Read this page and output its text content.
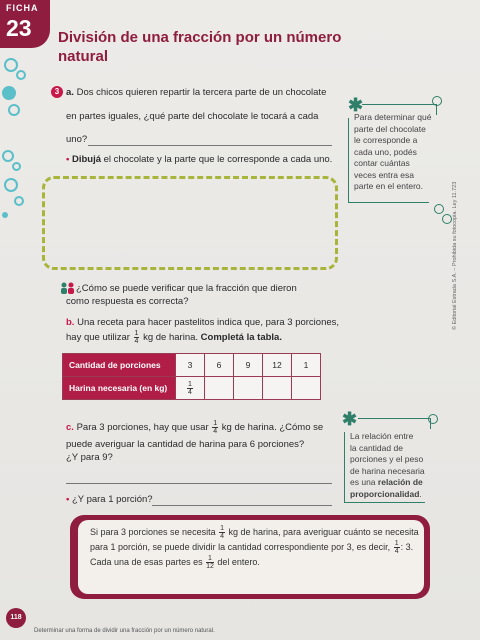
FICHA
23 División de una fracción por un número
natural
3 a. Dos chicos quieren repartir la tercera parte de un chocolate
en partes iguales, ¿qué parte del chocolate le tocará a cada
uno?
• Dibujá el chocolate y la parte que le corresponde a cada uno.
✱
Para determinar qué
parte del chocolate
le corresponde a
cada uno, podés
contar cuántas
veces entra esa
parte en el entero.
¿Cómo se puede verificar que la fracción que dieron
como respuesta es correcta?
b. Una receta para hacer pastelitos indica que, para 3 porciones,
hay que utilizar $\frac{1}{4}$ kg de harina. Completá la tabla.
Cantidad de porciones	3	6	9	12	1
Harina necesaria (en kg)	$\frac{1}{4}$

c. Para 3 porciones, hay que usar $\frac{1}{4}$ kg de harina. ¿Cómo se
puede averiguar la cantidad de harina para 6 porciones?
¿Y para 9?
• ¿Y para 1 porción?
✱
La relación entre
la cantidad de
porciones y el peso
de harina necesaria
es una relación de
proporcionalidad.
Si para 3 porciones se necesita $\frac{1}{4}$ kg de harina, para averiguar cuánto se necesita
para 1 porción, se puede dividir la cantidad correspondiente por 3, es decir, $\frac{1}{4}$ : 3.
Cada una de esas partes es $\frac{1}{12}$ del entero.
© Editorial Estrada S.A. – Prohibida su fotocopia. Ley 11.723
118
Determinar una forma de dividir una fracción por un número natural.
